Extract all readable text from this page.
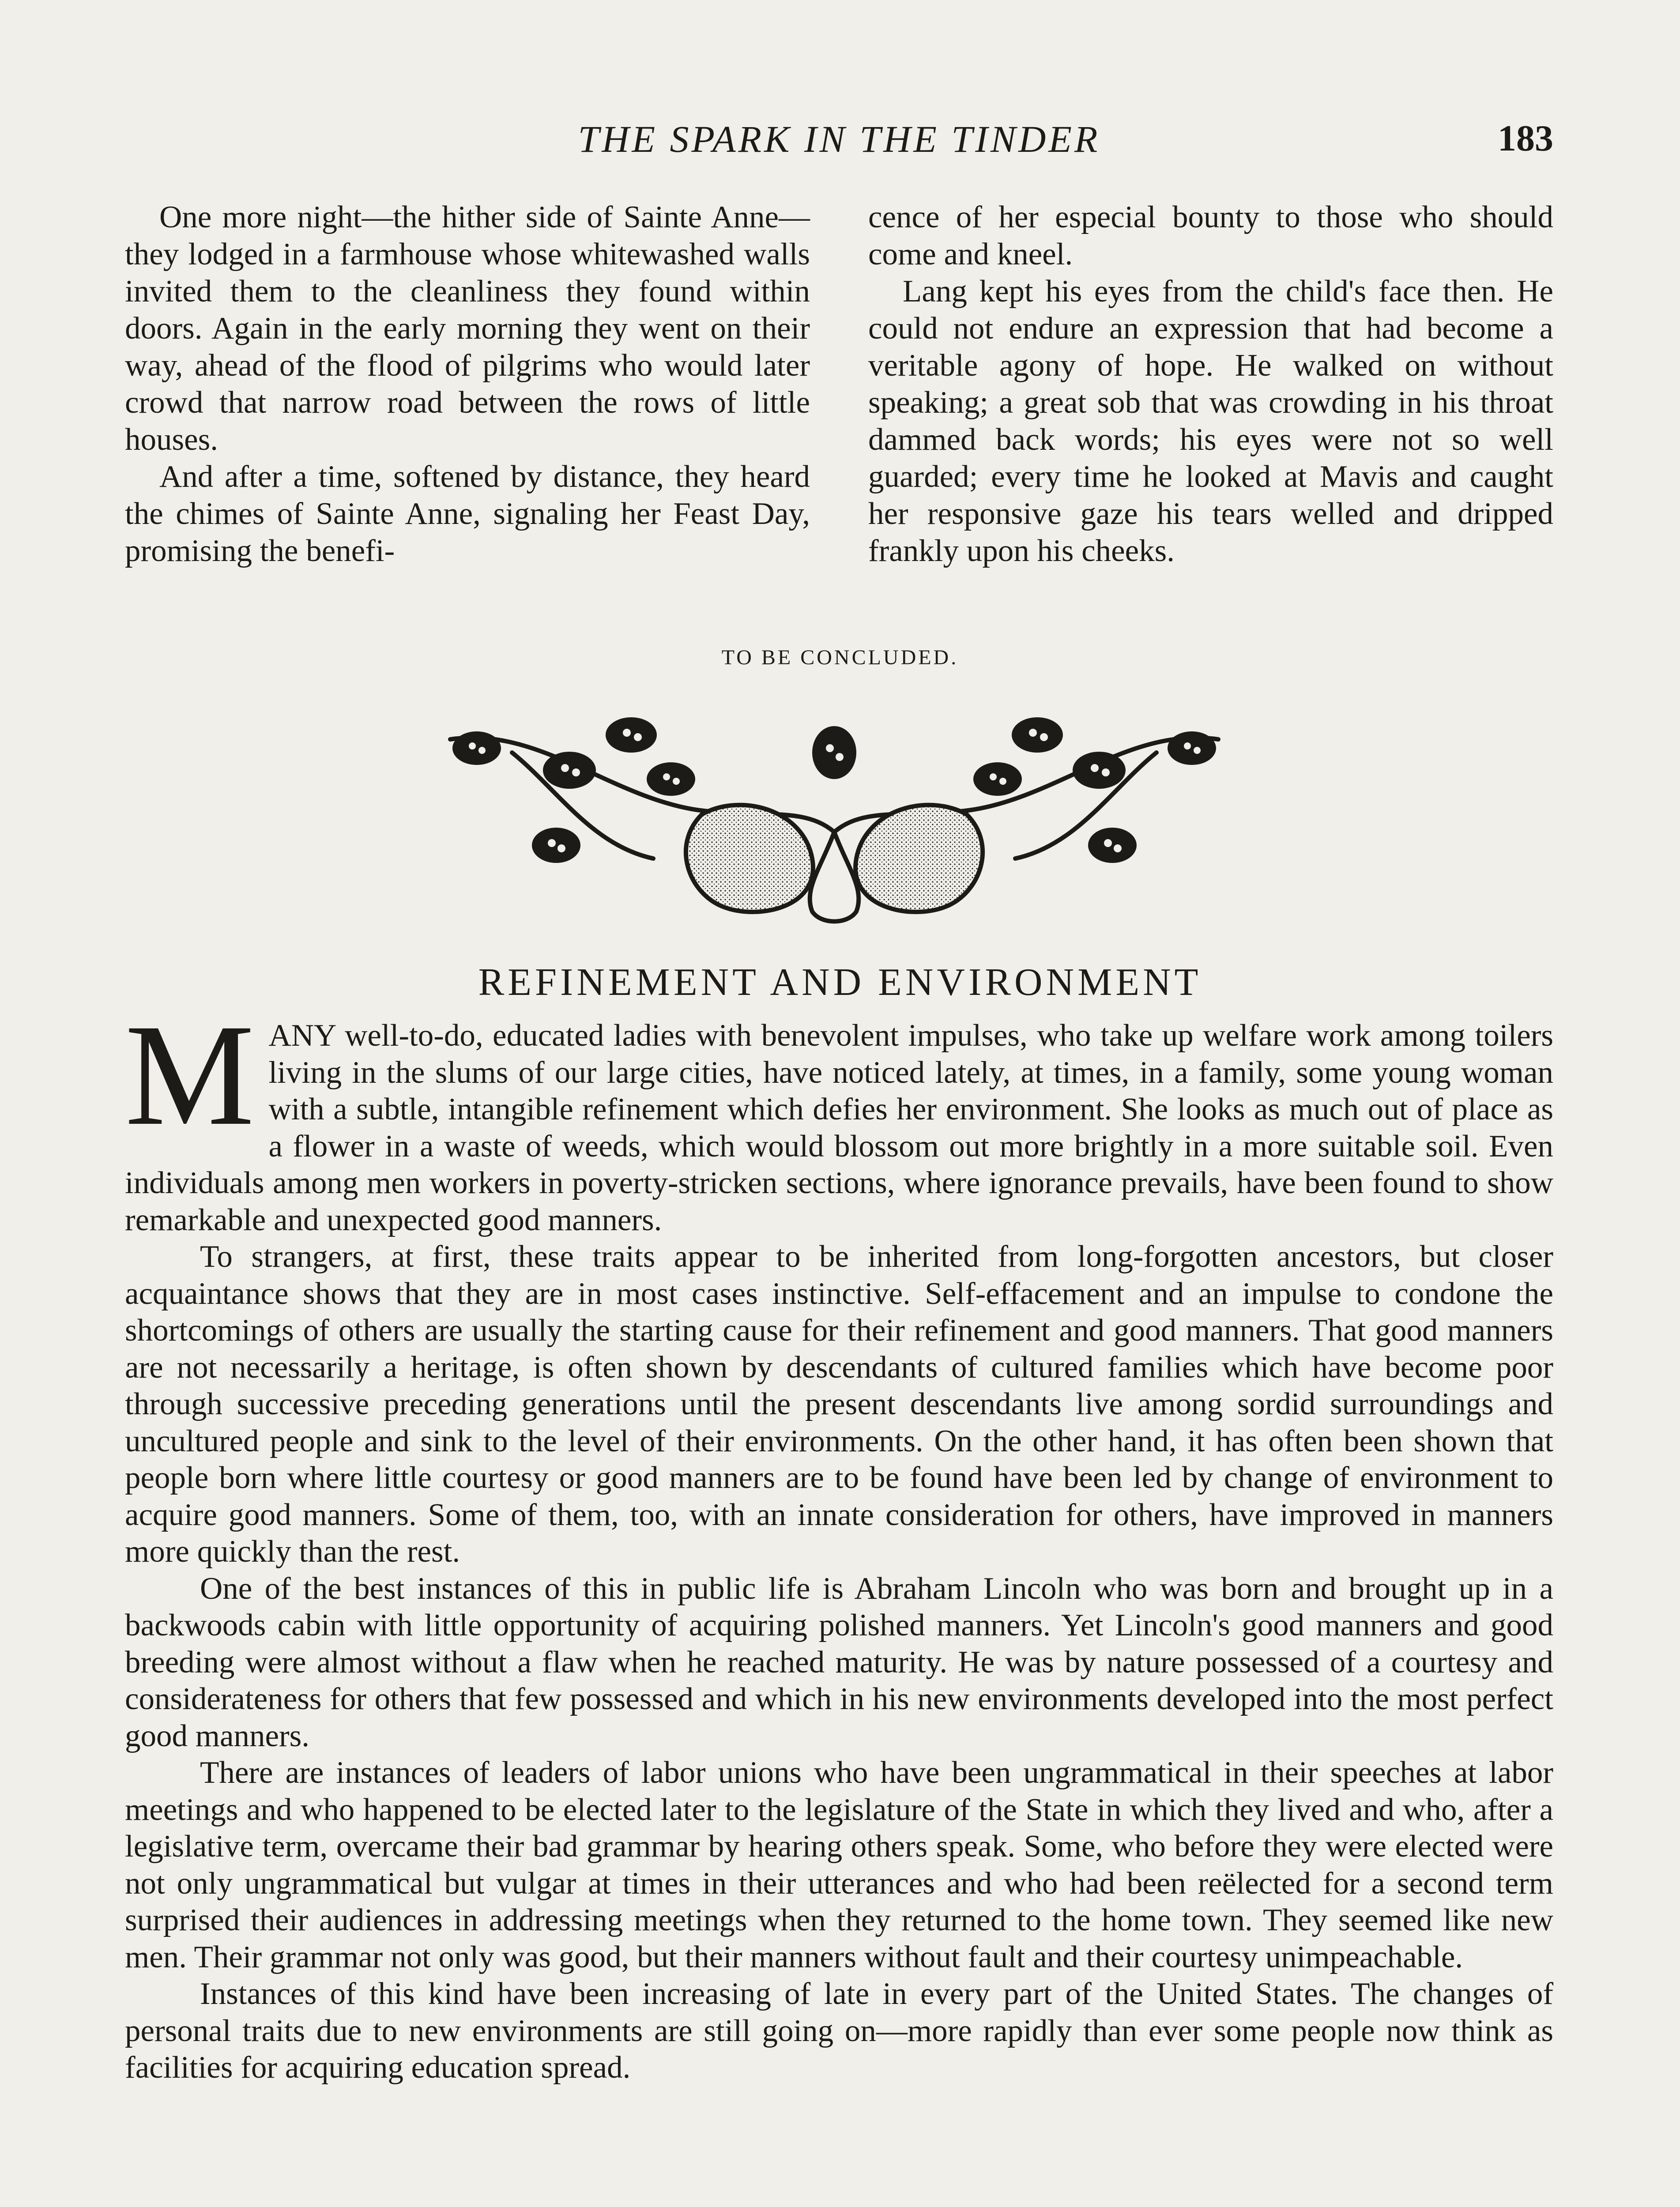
THE SPARK IN THE TINDER	183

One more night—the hither side of Sainte Anne—they lodged in a farmhouse whose whitewashed walls invited them to the cleanliness they found within doors. Again in the early morning they went on their way, ahead of the flood of pilgrims who would later crowd that narrow road between the rows of little houses.

And after a time, softened by distance, they heard the chimes of Sainte Anne, signaling her Feast Day, promising the benefi-

cence of her especial bounty to those who should come and kneel.

Lang kept his eyes from the child's face then. He could not endure an expression that had become a veritable agony of hope. He walked on without speaking; a great sob that was crowding in his throat dammed back words; his eyes were not so well guarded; every time he looked at Mavis and caught her responsive gaze his tears welled and dripped frankly upon his cheeks.

TO BE CONCLUDED.
REFINEMENT AND ENVIRONMENT

MANY well-to-do, educated ladies with benevolent impulses, who take up welfare work among toilers living in the slums of our large cities, have noticed lately, at times, in a family, some young woman with a subtle, intangible refinement which defies her environment. She looks as much out of place as a flower in a waste of weeds, which would blossom out more brightly in a more suitable soil. Even individuals among men workers in poverty-stricken sections, where ignorance prevails, have been found to show remarkable and unexpected good manners.

To strangers, at first, these traits appear to be inherited from long-forgotten ancestors, but closer acquaintance shows that they are in most cases instinctive. Self-effacement and an impulse to condone the shortcomings of others are usually the starting cause for their refinement and good manners. That good manners are not necessarily a heritage, is often shown by descendants of cultured families which have become poor through successive preceding generations until the present descendants live among sordid surroundings and uncultured people and sink to the level of their environments. On the other hand, it has often been shown that people born where little courtesy or good manners are to be found have been led by change of environment to acquire good manners. Some of them, too, with an innate consideration for others, have improved in manners more quickly than the rest.

One of the best instances of this in public life is Abraham Lincoln who was born and brought up in a backwoods cabin with little opportunity of acquiring polished manners. Yet Lincoln's good manners and good breeding were almost without a flaw when he reached maturity. He was by nature possessed of a courtesy and considerateness for others that few possessed and which in his new environments developed into the most perfect good manners.

There are instances of leaders of labor unions who have been ungrammatical in their speeches at labor meetings and who happened to be elected later to the legislature of the State in which they lived and who, after a legislative term, overcame their bad grammar by hearing others speak. Some, who before they were elected were not only ungrammatical but vulgar at times in their utterances and who had been reëlected for a second term surprised their audiences in addressing meetings when they returned to the home town. They seemed like new men. Their grammar not only was good, but their manners without fault and their courtesy unimpeachable.

Instances of this kind have been increasing of late in every part of the United States. The changes of personal traits due to new environments are still going on—more rapidly than ever some people now think as facilities for acquiring education spread.
